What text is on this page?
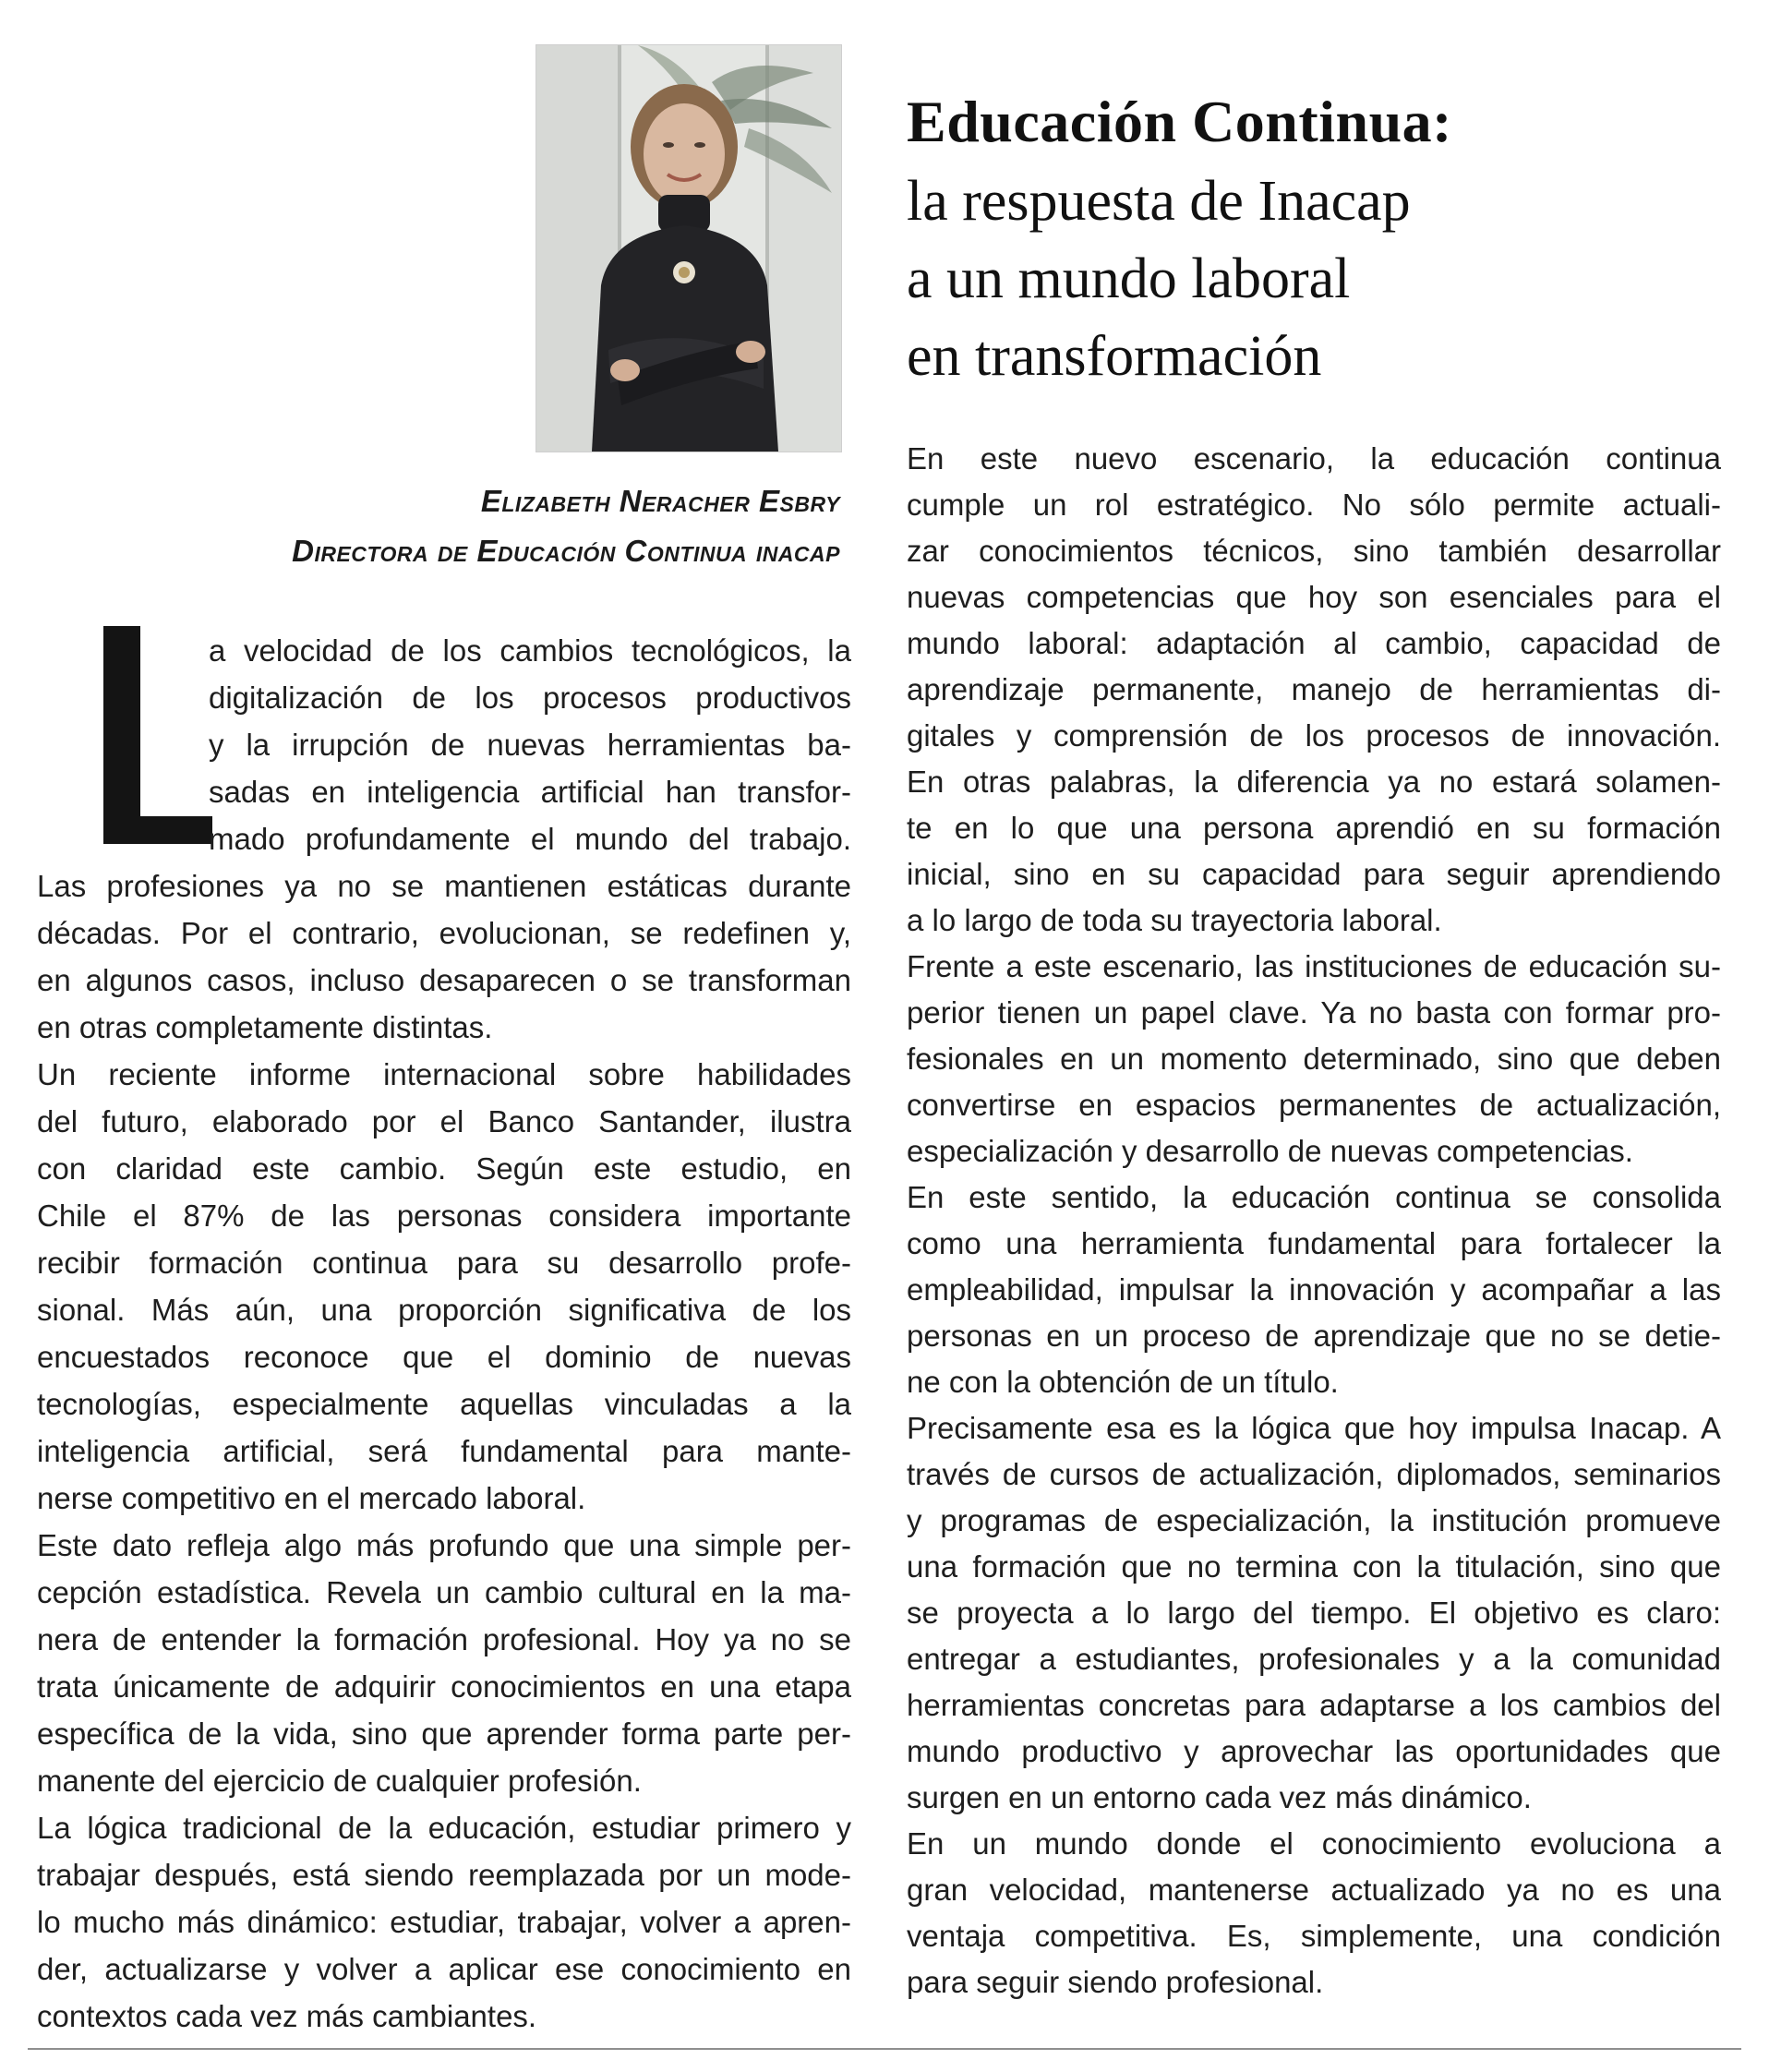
Elizabeth Neracher Esbry
Directora de Educación Continua inacap
Educación Continua:
la respuesta de Inacap
a un mundo laboral
en transformación
a velocidad de los cambios tecnológicos, la
digitalización de los procesos productivos
y la irrupción de nuevas herramientas ba-
sadas en inteligencia artificial han transfor-
mado profundamente el mundo del trabajo.
Las profesiones ya no se mantienen estáticas durante
décadas. Por el contrario, evolucionan, se redefinen y,
en algunos casos, incluso desaparecen o se transforman
en otras completamente distintas.
Un reciente informe internacional sobre habilidades
del futuro, elaborado por el Banco Santander, ilustra
con claridad este cambio. Según este estudio, en
Chile el 87% de las personas considera importante
recibir formación continua para su desarrollo profe-
sional. Más aún, una proporción significativa de los
encuestados reconoce que el dominio de nuevas
tecnologías, especialmente aquellas vinculadas a la
inteligencia artificial, será fundamental para mante-
nerse competitivo en el mercado laboral.
Este dato refleja algo más profundo que una simple per-
cepción estadística. Revela un cambio cultural en la ma-
nera de entender la formación profesional. Hoy ya no se
trata únicamente de adquirir conocimientos en una etapa
específica de la vida, sino que aprender forma parte per-
manente del ejercicio de cualquier profesión.
La lógica tradicional de la educación, estudiar primero y
trabajar después, está siendo reemplazada por un mode-
lo mucho más dinámico: estudiar, trabajar, volver a apren-
der, actualizarse y volver a aplicar ese conocimiento en
contextos cada vez más cambiantes.
En este nuevo escenario, la educación continua
cumple un rol estratégico. No sólo permite actuali-
zar conocimientos técnicos, sino también desarrollar
nuevas competencias que hoy son esenciales para el
mundo laboral: adaptación al cambio, capacidad de
aprendizaje permanente, manejo de herramientas di-
gitales y comprensión de los procesos de innovación.
En otras palabras, la diferencia ya no estará solamen-
te en lo que una persona aprendió en su formación
inicial, sino en su capacidad para seguir aprendiendo
a lo largo de toda su trayectoria laboral.
Frente a este escenario, las instituciones de educación su-
perior tienen un papel clave. Ya no basta con formar pro-
fesionales en un momento determinado, sino que deben
convertirse en espacios permanentes de actualización,
especialización y desarrollo de nuevas competencias.
En este sentido, la educación continua se consolida
como una herramienta fundamental para fortalecer la
empleabilidad, impulsar la innovación y acompañar a las
personas en un proceso de aprendizaje que no se detie-
ne con la obtención de un título.
Precisamente esa es la lógica que hoy impulsa Inacap. A
través de cursos de actualización, diplomados, seminarios
y programas de especialización, la institución promueve
una formación que no termina con la titulación, sino que
se proyecta a lo largo del tiempo. El objetivo es claro:
entregar a estudiantes, profesionales y a la comunidad
herramientas concretas para adaptarse a los cambios del
mundo productivo y aprovechar las oportunidades que
surgen en un entorno cada vez más dinámico.
En un mundo donde el conocimiento evoluciona a
gran velocidad, mantenerse actualizado ya no es una
ventaja competitiva. Es, simplemente, una condición
para seguir siendo profesional.
